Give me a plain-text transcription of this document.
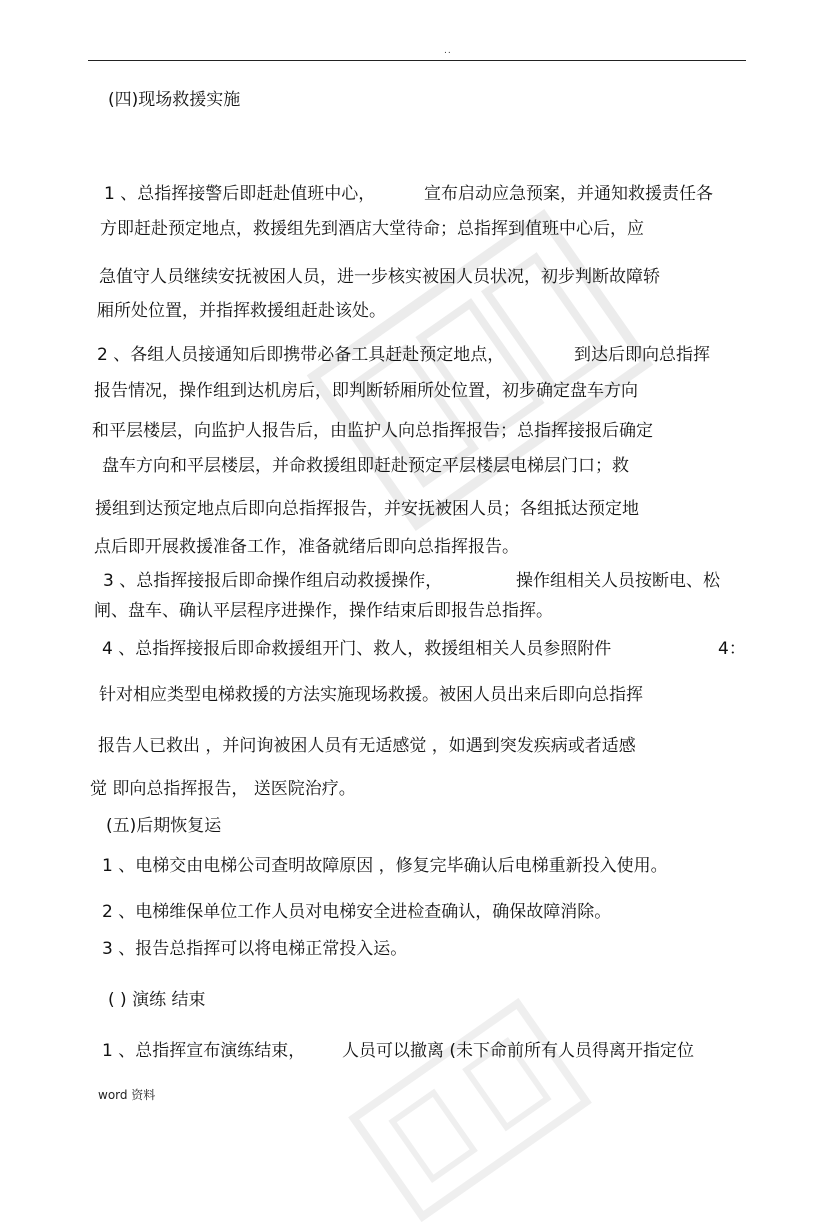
..
(四)现场救援实施
1 、总指挥接警后即赶赴值班中心，	宣布启动应急预案，并通知救援责任各
方即赶赴预定地点，救援组先到酒店大堂待命；总指挥到值班中心后，应
急值守人员继续安抚被困人员，进一步核实被困人员状况，初步判断故障轿
厢所处位置，并指挥救援组赶赴该处。
2 、各组人员接通知后即携带必备工具赶赴预定地点，	到达后即向总指挥
报告情况，操作组到达机房后，即判断轿厢所处位置，初步确定盘车方向
和平层楼层，向监护人报告后，由监护人向总指挥报告；总指挥接报后确定
盘车方向和平层楼层，并命救援组即赶赴预定平层楼层电梯层门口；救
援组到达预定地点后即向总指挥报告，并安抚被困人员；各组抵达预定地
点后即开展救援准备工作，准备就绪后即向总指挥报告。
3 、总指挥接报后即命操作组启动救援操作，	操作组相关人员按断电、松
闸、盘车、确认平层程序进操作，操作结束后即报告总指挥。
4 、总指挥接报后即命救援组开门、救人，救援组相关人员参照附件	4：
针对相应类型电梯救援的方法实施现场救援。被困人员出来后即向总指挥
报告人已救出 ，并问询被困人员有无适感觉 ，如遇到突发疾病或者适感
觉 即向总指挥报告， 送医院治疗。
(五)后期恢复运
1 、电梯交由电梯公司查明故障原因 ，修复完毕确认后电梯重新投入使用。
2 、电梯维保单位工作人员对电梯安全进检查确认，确保故障消除。
3 、报告总指挥可以将电梯正常投入运。
( ) 演练 结束
1 、总指挥宣布演练结束， 人员可以撤离 (未下命前所有人员得离开指定位
word 资料
